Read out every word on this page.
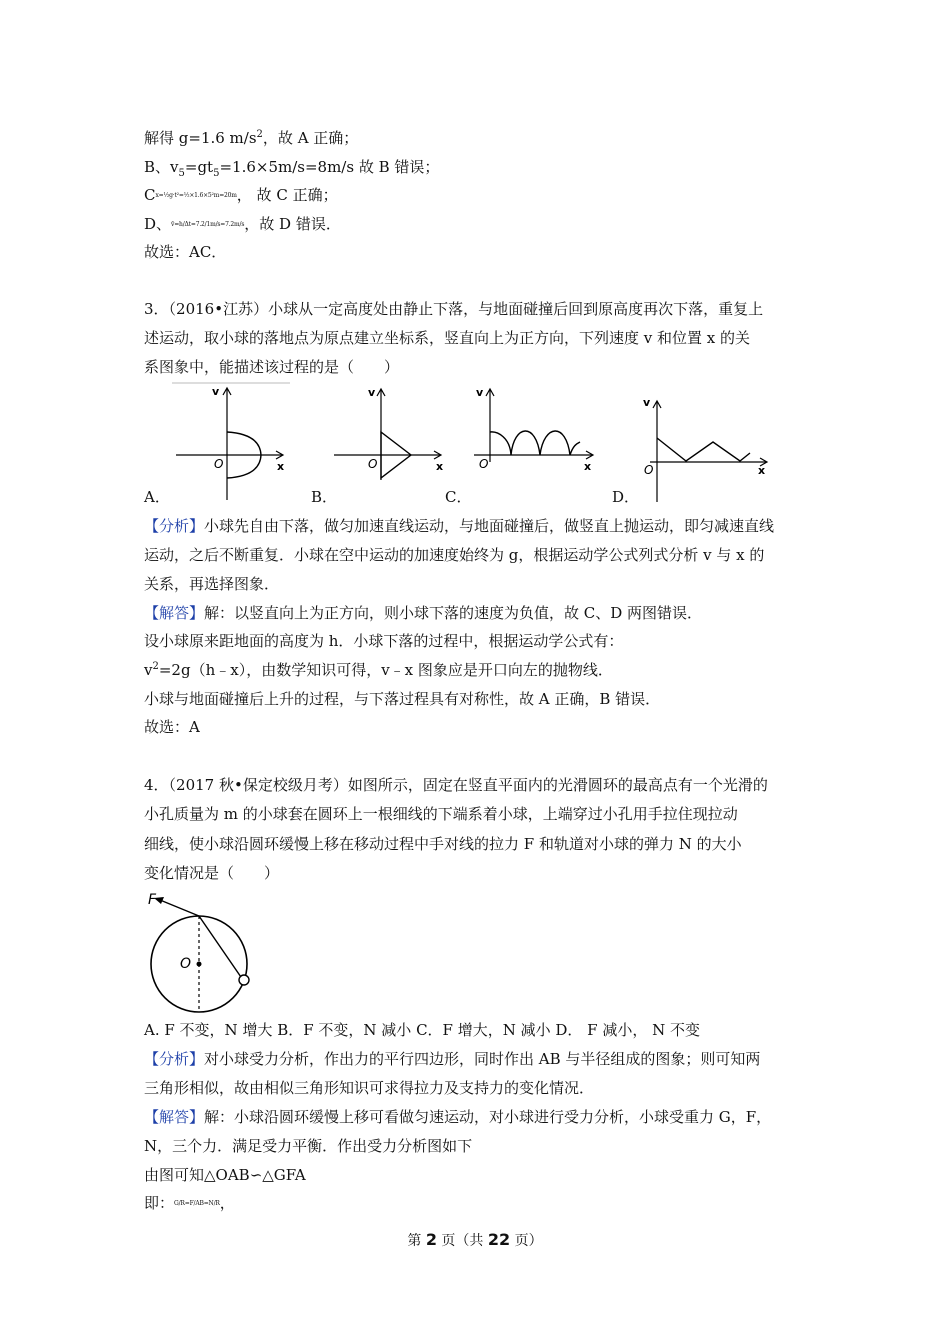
解得 g=1.6 $m/s^2$，故 A 正确；
B、$v_5=gt_5=1.6\times 5m/s=8m/s$ 故 B 错误；
Cx=½g·t²=½×1.6×5²m=20m， 故 C 正确；
D、v̄=h/Δt=7.2/1m/s=7.2m/s，故 D 错误．
故选：AC．
3．（2016•江苏）小球从一定高度处由静止下落，与地面碰撞后回到原高度再次下落，重复上
述运动，取小球的落地点为原点建立坐标系，竖直向上为正方向，下列速度 v 和位置 x 的关
系图象中，能描述该过程的是（　　）
v
x
O
v
x
O
v
x
O
v
x
O
A．	B．	C．	D．
【分析】小球先自由下落，做匀加速直线运动，与地面碰撞后，做竖直上抛运动，即匀减速直线
运动，之后不断重复．小球在空中运动的加速度始终为 g，根据运动学公式列式分析 v 与 x 的
关系，再选择图象．
【解答】解：以竖直向上为正方向，则小球下落的速度为负值，故 C、D 两图错误．
设小球原来距地面的高度为 h．小球下落的过程中，根据运动学公式有：
$v^2=2g(h﹣x)$，由数学知识可得，v﹣x 图象应是开口向左的抛物线．
小球与地面碰撞后上升的过程，与下落过程具有对称性，故 A 正确，B 错误．
故选：A
4．（2017 秋•保定校级月考）如图所示，固定在竖直平面内的光滑圆环的最高点有一个光滑的
小孔质量为 m 的小球套在圆环上一根细线的下端系着小球，上端穿过小孔用手拉住现拉动
细线，使小球沿圆环缓慢上移在移动过程中手对线的拉力 F 和轨道对小球的弹力 N 的大小
变化情况是（　　）
F
O
A. F 不变，N 增大 B．F 不变，N 减小 C．F 增大，N 减小 D． F 减小， N 不变
【分析】对小球受力分析，作出力的平行四边形，同时作出 AB 与半径组成的图象；则可知两
三角形相似，故由相似三角形知识可求得拉力及支持力的变化情况．
【解答】解：小球沿圆环缓慢上移可看做匀速运动，对小球进行受力分析，小球受重力 G，F，
N，三个力．满足受力平衡．作出受力分析图如下
由图可知△OAB∽△GFA
即：G/R=F/AB=N/R，
第 2 页（共 22 页）
